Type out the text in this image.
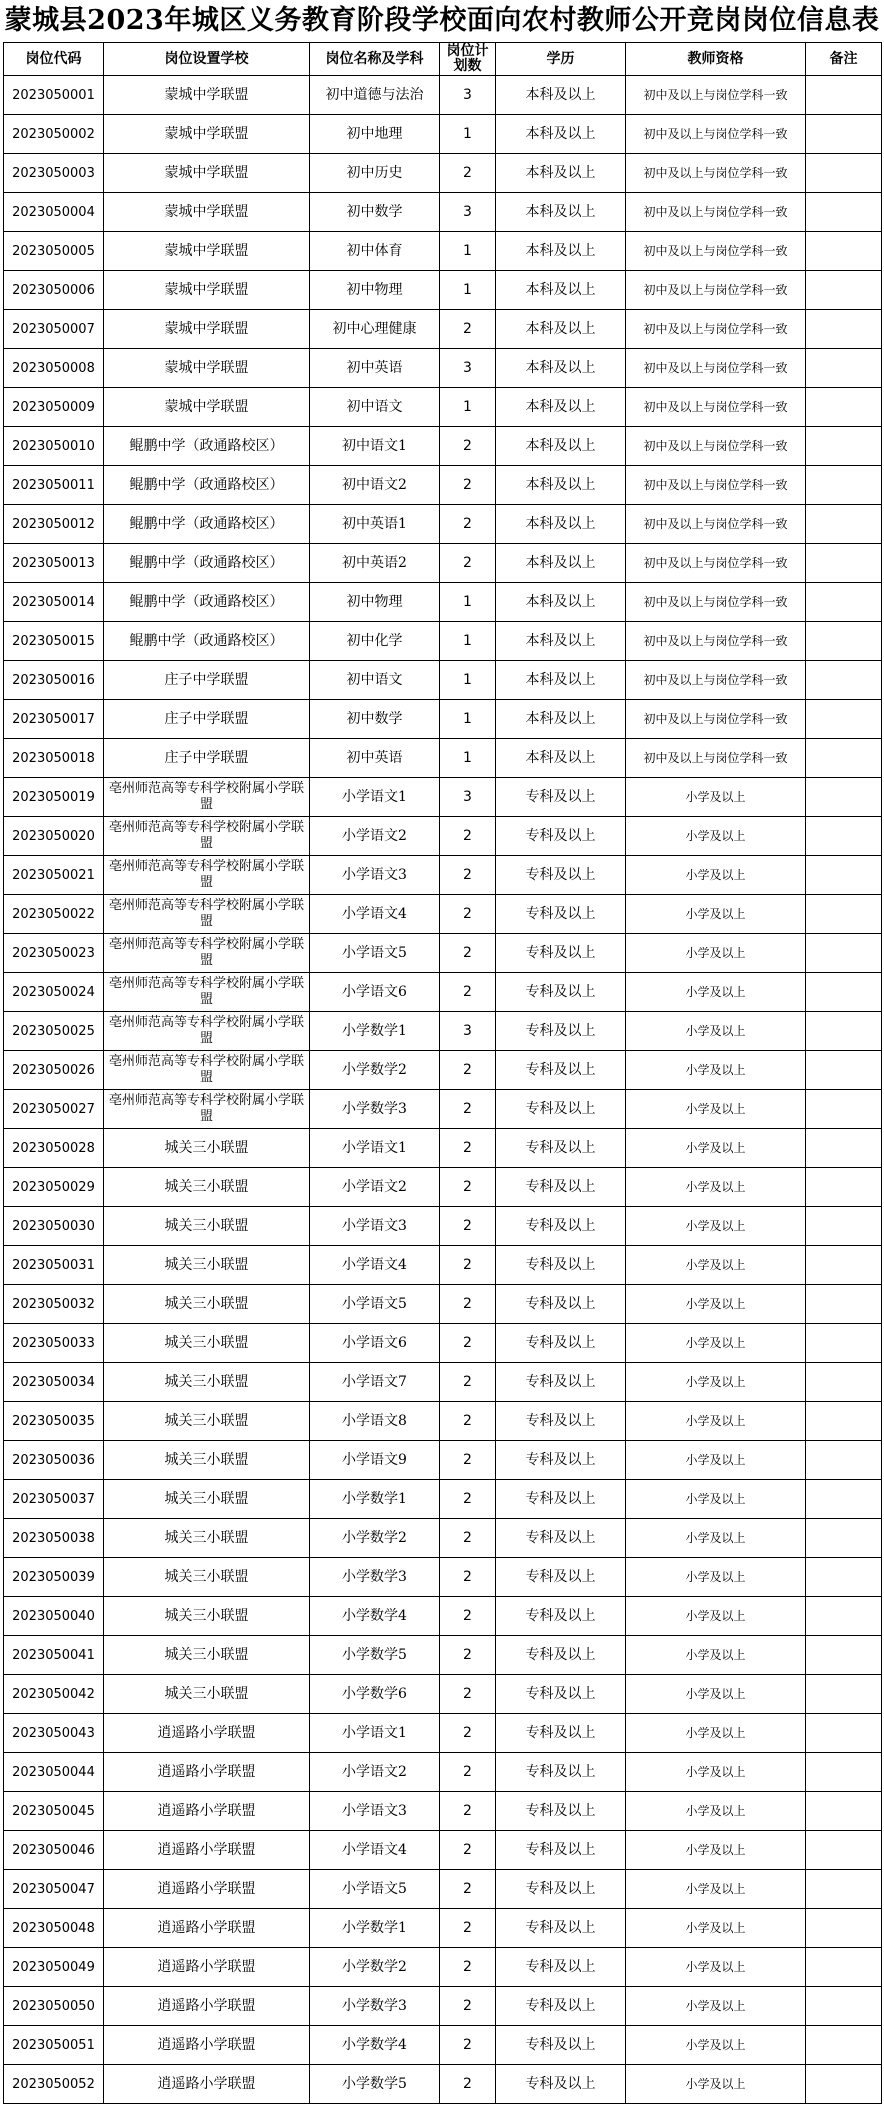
蒙城县2023年城区义务教育阶段学校面向农村教师公开竞岗岗位信息表
岗位代码	岗位设置学校	岗位名称及学科	岗位计划数	学历	教师资格	备注
2023050001	蒙城中学联盟	初中道德与法治	3	本科及以上	初中及以上与岗位学科一致	
2023050002	蒙城中学联盟	初中地理	1	本科及以上	初中及以上与岗位学科一致	
2023050003	蒙城中学联盟	初中历史	2	本科及以上	初中及以上与岗位学科一致	
2023050004	蒙城中学联盟	初中数学	3	本科及以上	初中及以上与岗位学科一致	
2023050005	蒙城中学联盟	初中体育	1	本科及以上	初中及以上与岗位学科一致	
2023050006	蒙城中学联盟	初中物理	1	本科及以上	初中及以上与岗位学科一致	
2023050007	蒙城中学联盟	初中心理健康	2	本科及以上	初中及以上与岗位学科一致	
2023050008	蒙城中学联盟	初中英语	3	本科及以上	初中及以上与岗位学科一致	
2023050009	蒙城中学联盟	初中语文	1	本科及以上	初中及以上与岗位学科一致	
2023050010	鲲鹏中学（政通路校区）	初中语文1	2	本科及以上	初中及以上与岗位学科一致	
2023050011	鲲鹏中学（政通路校区）	初中语文2	2	本科及以上	初中及以上与岗位学科一致	
2023050012	鲲鹏中学（政通路校区）	初中英语1	2	本科及以上	初中及以上与岗位学科一致	
2023050013	鲲鹏中学（政通路校区）	初中英语2	2	本科及以上	初中及以上与岗位学科一致	
2023050014	鲲鹏中学（政通路校区）	初中物理	1	本科及以上	初中及以上与岗位学科一致	
2023050015	鲲鹏中学（政通路校区）	初中化学	1	本科及以上	初中及以上与岗位学科一致	
2023050016	庄子中学联盟	初中语文	1	本科及以上	初中及以上与岗位学科一致	
2023050017	庄子中学联盟	初中数学	1	本科及以上	初中及以上与岗位学科一致	
2023050018	庄子中学联盟	初中英语	1	本科及以上	初中及以上与岗位学科一致	
2023050019	亳州师范高等专科学校附属小学联盟	小学语文1	3	专科及以上	小学及以上	
2023050020	亳州师范高等专科学校附属小学联盟	小学语文2	2	专科及以上	小学及以上	
2023050021	亳州师范高等专科学校附属小学联盟	小学语文3	2	专科及以上	小学及以上	
2023050022	亳州师范高等专科学校附属小学联盟	小学语文4	2	专科及以上	小学及以上	
2023050023	亳州师范高等专科学校附属小学联盟	小学语文5	2	专科及以上	小学及以上	
2023050024	亳州师范高等专科学校附属小学联盟	小学语文6	2	专科及以上	小学及以上	
2023050025	亳州师范高等专科学校附属小学联盟	小学数学1	3	专科及以上	小学及以上	
2023050026	亳州师范高等专科学校附属小学联盟	小学数学2	2	专科及以上	小学及以上	
2023050027	亳州师范高等专科学校附属小学联盟	小学数学3	2	专科及以上	小学及以上	
2023050028	城关三小联盟	小学语文1	2	专科及以上	小学及以上	
2023050029	城关三小联盟	小学语文2	2	专科及以上	小学及以上	
2023050030	城关三小联盟	小学语文3	2	专科及以上	小学及以上	
2023050031	城关三小联盟	小学语文4	2	专科及以上	小学及以上	
2023050032	城关三小联盟	小学语文5	2	专科及以上	小学及以上	
2023050033	城关三小联盟	小学语文6	2	专科及以上	小学及以上	
2023050034	城关三小联盟	小学语文7	2	专科及以上	小学及以上	
2023050035	城关三小联盟	小学语文8	2	专科及以上	小学及以上	
2023050036	城关三小联盟	小学语文9	2	专科及以上	小学及以上	
2023050037	城关三小联盟	小学数学1	2	专科及以上	小学及以上	
2023050038	城关三小联盟	小学数学2	2	专科及以上	小学及以上	
2023050039	城关三小联盟	小学数学3	2	专科及以上	小学及以上	
2023050040	城关三小联盟	小学数学4	2	专科及以上	小学及以上	
2023050041	城关三小联盟	小学数学5	2	专科及以上	小学及以上	
2023050042	城关三小联盟	小学数学6	2	专科及以上	小学及以上	
2023050043	逍遥路小学联盟	小学语文1	2	专科及以上	小学及以上	
2023050044	逍遥路小学联盟	小学语文2	2	专科及以上	小学及以上	
2023050045	逍遥路小学联盟	小学语文3	2	专科及以上	小学及以上	
2023050046	逍遥路小学联盟	小学语文4	2	专科及以上	小学及以上	
2023050047	逍遥路小学联盟	小学语文5	2	专科及以上	小学及以上	
2023050048	逍遥路小学联盟	小学数学1	2	专科及以上	小学及以上	
2023050049	逍遥路小学联盟	小学数学2	2	专科及以上	小学及以上	
2023050050	逍遥路小学联盟	小学数学3	2	专科及以上	小学及以上	
2023050051	逍遥路小学联盟	小学数学4	2	专科及以上	小学及以上	
2023050052	逍遥路小学联盟	小学数学5	2	专科及以上	小学及以上	
